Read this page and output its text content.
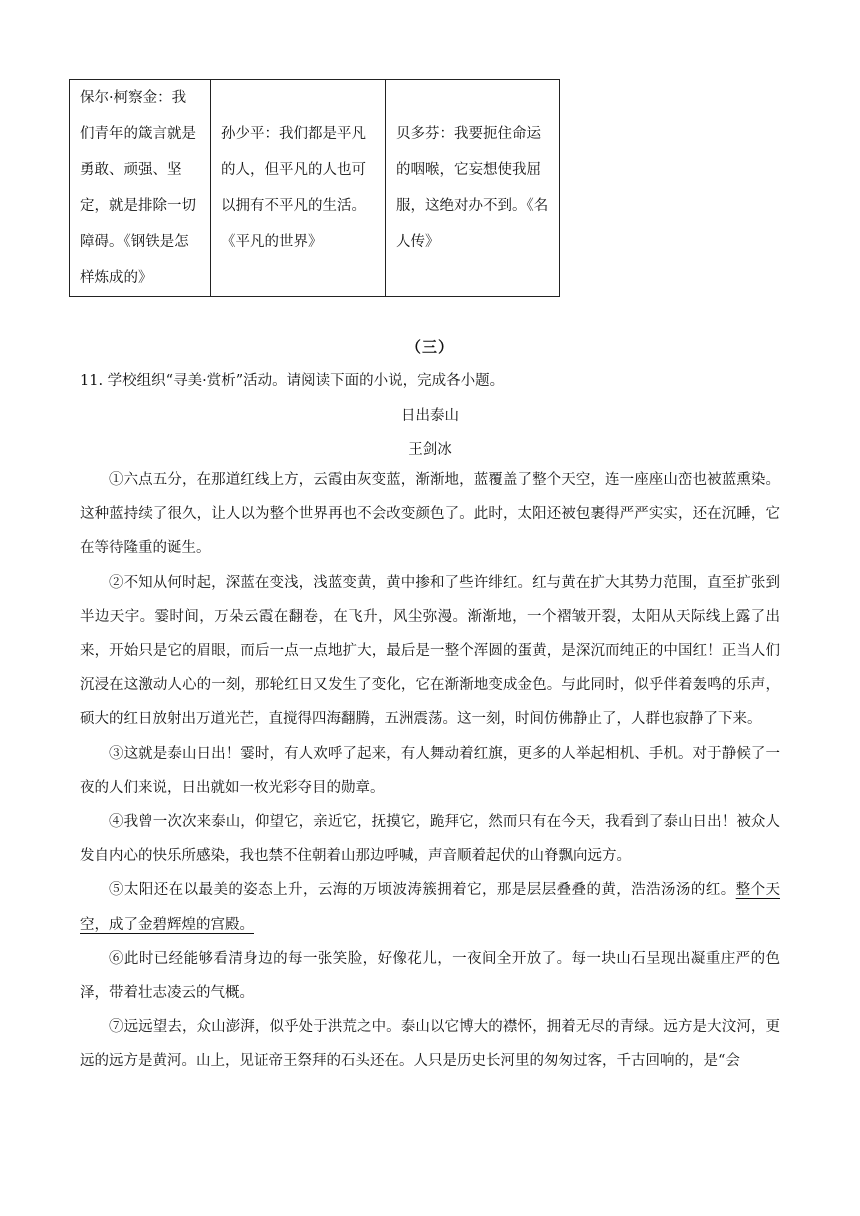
保尔·柯察金：我们青年的箴言就是勇敢、顽强、坚定，就是排除一切障碍。《钢铁是怎样炼成的》	孙少平：我们都是平凡的人，但平凡的人也可以拥有不平凡的生活。《平凡的世界》	贝多芬：我要扼住命运的咽喉，它妄想使我屈服，这绝对办不到。《名人传》
（三）
11. 学校组织“寻美·赏析”活动。请阅读下面的小说，完成各小题。
日出泰山
王剑冰

①六点五分，在那道红线上方，云霞由灰变蓝，渐渐地，蓝覆盖了整个天空，连一座座山峦也被蓝熏染。这种蓝持续了很久，让人以为整个世界再也不会改变颜色了。此时，太阳还被包裹得严严实实，还在沉睡，它在等待隆重的诞生。

②不知从何时起，深蓝在变浅，浅蓝变黄，黄中掺和了些许绯红。红与黄在扩大其势力范围，直至扩张到半边天宇。霎时间，万朵云霞在翻卷，在飞升，风尘弥漫。渐渐地，一个褶皱开裂，太阳从天际线上露了出来，开始只是它的眉眼，而后一点一点地扩大，最后是一整个浑圆的蛋黄，是深沉而纯正的中国红！正当人们沉浸在这激动人心的一刻，那轮红日又发生了变化，它在渐渐地变成金色。与此同时，似乎伴着轰鸣的乐声，硕大的红日放射出万道光芒，直搅得四海翻腾，五洲震荡。这一刻，时间仿佛静止了，人群也寂静了下来。

③这就是泰山日出！霎时，有人欢呼了起来，有人舞动着红旗，更多的人举起相机、手机。对于静候了一夜的人们来说，日出就如一枚光彩夺目的勋章。

④我曾一次次来泰山，仰望它，亲近它，抚摸它，跪拜它，然而只有在今天，我看到了泰山日出！被众人发自内心的快乐所感染，我也禁不住朝着山那边呼喊，声音顺着起伏的山脊飘向远方。

⑤太阳还在以最美的姿态上升，云海的万顷波涛簇拥着它，那是层层叠叠的黄，浩浩汤汤的红。整个天空，成了金碧辉煌的宫殿。

⑥此时已经能够看清身边的每一张笑脸，好像花儿，一夜间全开放了。每一块山石呈现出凝重庄严的色泽，带着壮志凌云的气概。

⑦远远望去，众山澎湃，似乎处于洪荒之中。泰山以它博大的襟怀，拥着无尽的青绿。远方是大汶河，更远的远方是黄河。山上，见证帝王祭拜的石头还在。人只是历史长河里的匆匆过客，千古回响的，是“会
